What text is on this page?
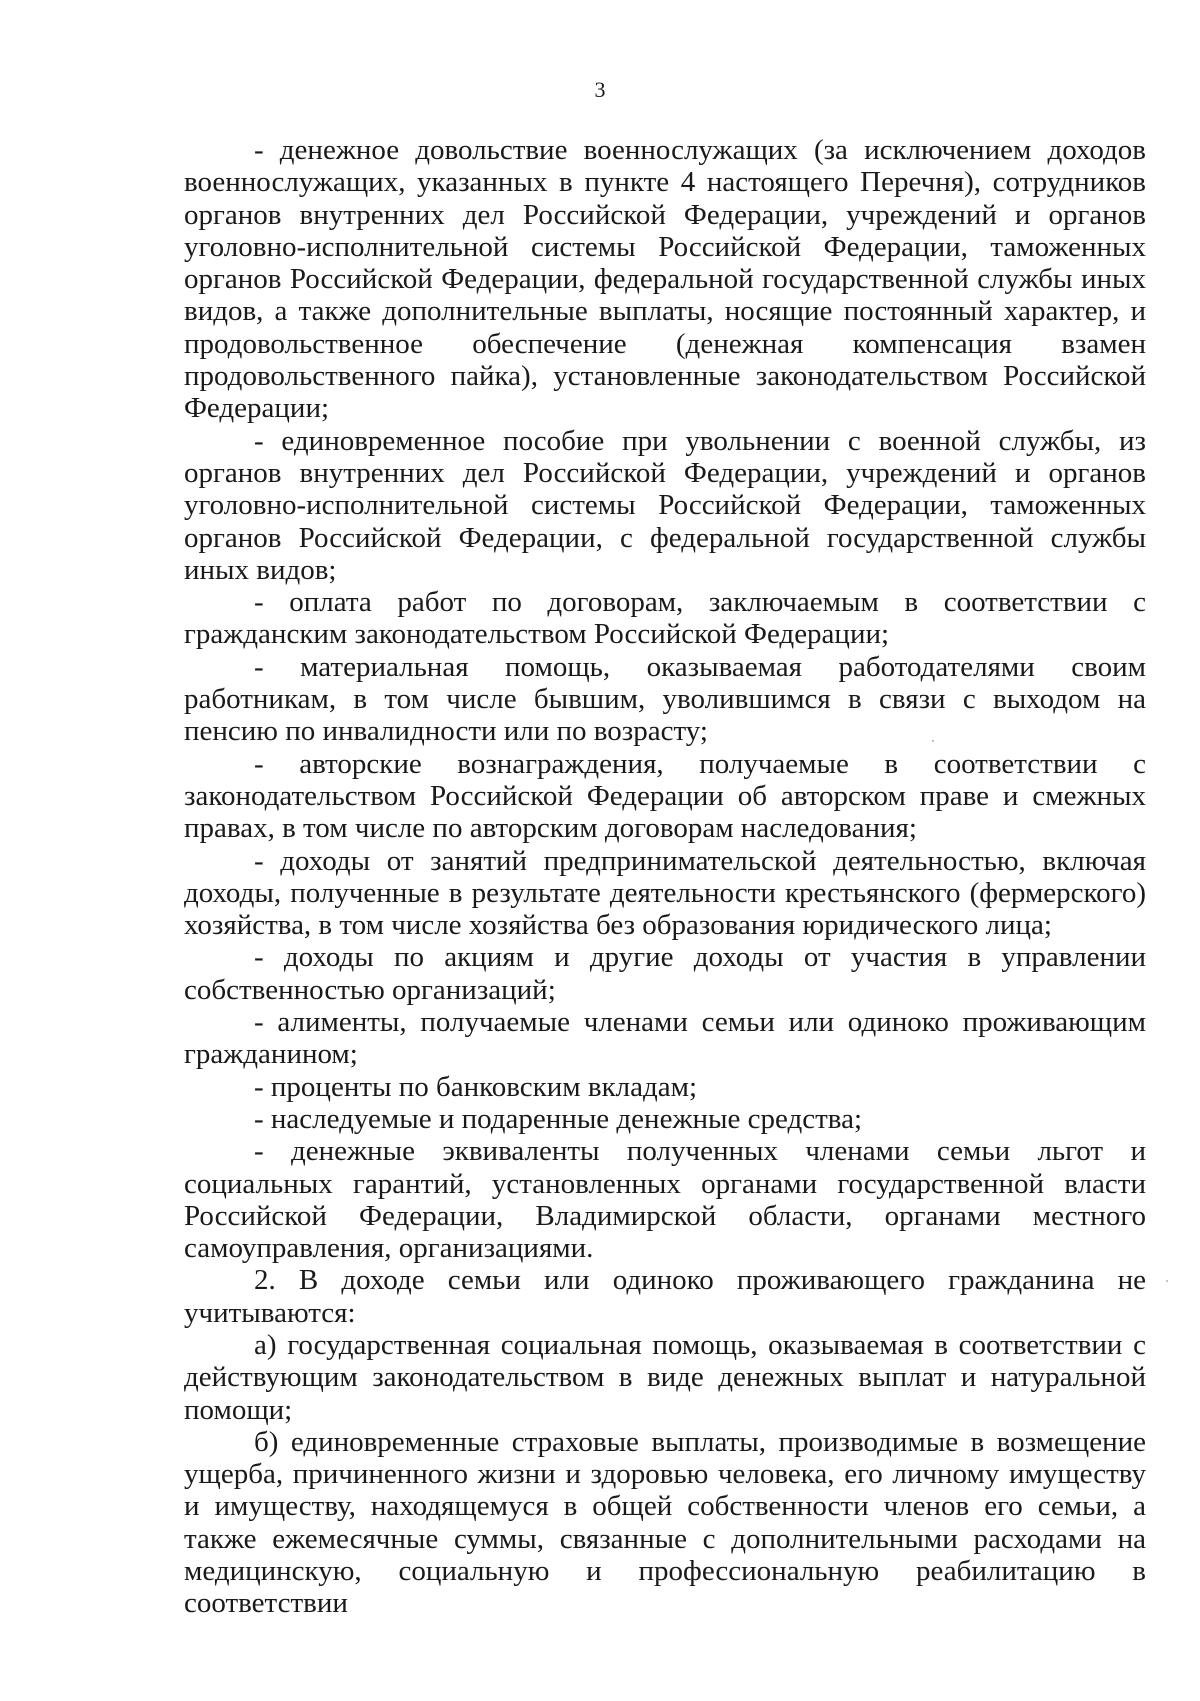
3

- денежное довольствие военнослужащих (за исключением доходов военнослужащих, указанных в пункте 4 настоящего Перечня), сотрудников органов внутренних дел Российской Федерации, учреждений и органов уголовно-исполнительной системы Российской Федерации, таможенных органов Российской Федерации, федеральной государственной службы иных видов, а также дополнительные выплаты, носящие постоянный характер, и продовольственное обеспечение (денежная компенсация взамен продовольственного пайка), установленные законодательством Российской Федерации;

- единовременное пособие при увольнении с военной службы, из органов внутренних дел Российской Федерации, учреждений и органов уголовно-исполнительной системы Российской Федерации, таможенных органов Российской Федерации, с федеральной государственной службы иных видов;

- оплата работ по договорам, заключаемым в соответствии с гражданским законодательством Российской Федерации;

- материальная помощь, оказываемая работодателями своим работникам, в том числе бывшим, уволившимся в связи с выходом на пенсию по инвалидности или по возрасту;

- авторские вознаграждения, получаемые в соответствии с законодательством Российской Федерации об авторском праве и смежных правах, в том числе по авторским договорам наследования;

- доходы от занятий предпринимательской деятельностью, включая доходы, полученные в результате деятельности крестьянского (фермерского) хозяйства, в том числе хозяйства без образования юридического лица;

- доходы по акциям и другие доходы от участия в управлении собственностью организаций;

- алименты, получаемые членами семьи или одиноко проживающим гражданином;

- проценты по банковским вкладам;

- наследуемые и подаренные денежные средства;

- денежные эквиваленты полученных членами семьи льгот и социальных гарантий, установленных органами государственной власти Российской Федерации, Владимирской области, органами местного самоуправления, организациями.

2. В доходе семьи или одиноко проживающего гражданина не учитываются:

а) государственная социальная помощь, оказываемая в соответствии с действующим законодательством в виде денежных выплат и натуральной помощи;

б) единовременные страховые выплаты, производимые в возмещение ущерба, причиненного жизни и здоровью человека, его личному имуществу и имуществу, находящемуся в общей собственности членов его семьи, а также ежемесячные суммы, связанные с дополнительными расходами на медицинскую, социальную и профессиональную реабилитацию в соответствии
